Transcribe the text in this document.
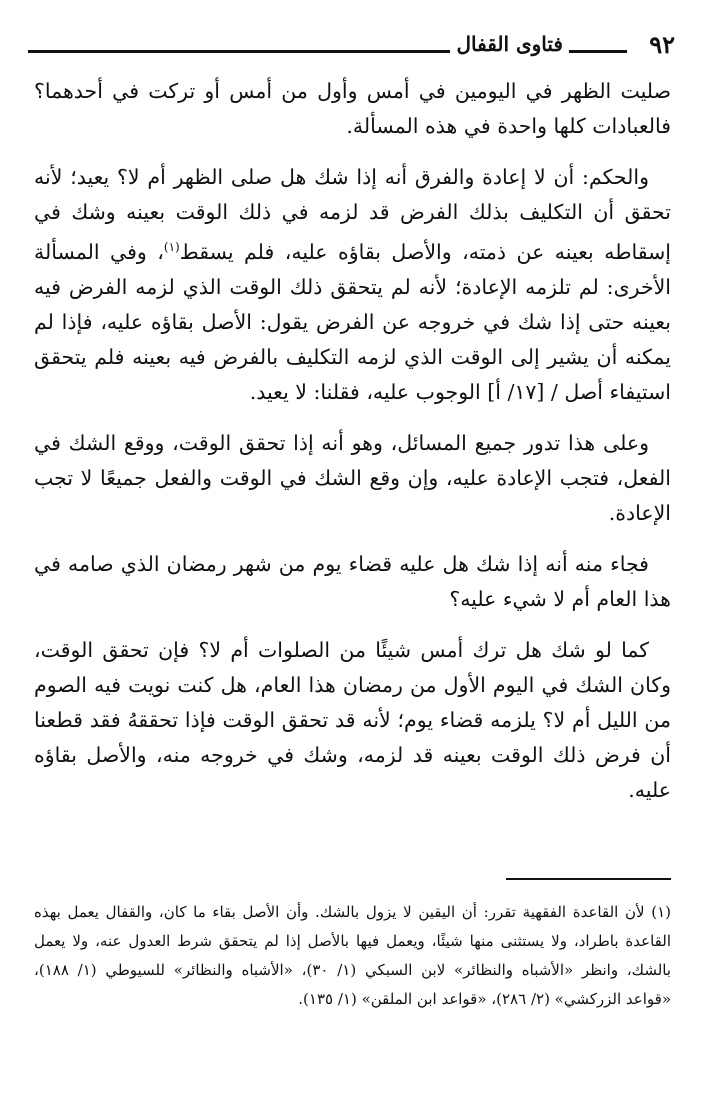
٩٢
فتاوى القفال

صليت الظهر في اليومين في أمس وأول من أمس أو تركت في أحدهما؟ فالعبادات كلها واحدة في هذه المسألة.

والحكم: أن لا إعادة والفرق أنه إذا شك هل صلى الظهر أم لا؟ يعيد؛ لأنه تحقق أن التكليف بذلك الفرض قد لزمه في ذلك الوقت بعينه وشك في إسقاطه بعينه عن ذمته، والأصل بقاؤه عليه، فلم يسقط$^{(١)}$، وفي المسألة الأخرى: لم تلزمه الإعادة؛ لأنه لم يتحقق ذلك الوقت الذي لزمه الفرض فيه بعينه حتى إذا شك في خروجه عن الفرض يقول: الأصل بقاؤه عليه، فإذا لم يمكنه أن يشير إلى الوقت الذي لزمه التكليف بالفرض فيه بعينه فلم يتحقق استيفاء أصل / [١٧/ أ] الوجوب عليه، فقلنا: لا يعيد.

وعلى هذا تدور جميع المسائل، وهو أنه إذا تحقق الوقت، ووقع الشك في الفعل، فتجب الإعادة عليه، وإن وقع الشك في الوقت والفعل جميعًا لا تجب الإعادة.

فجاء منه أنه إذا شك هل عليه قضاء يوم من شهر رمضان الذي صامه في هذا العام أم لا شيء عليه؟

كما لو شك هل ترك أمس شيئًا من الصلوات أم لا؟ فإن تحقق الوقت، وكان الشك في اليوم الأول من رمضان هذا العام، هل كنت نويت فيه الصوم من الليل أم لا؟ يلزمه قضاء يوم؛ لأنه قد تحقق الوقت فإذا تحققهُ فقد قطعنا أن فرض ذلك الوقت بعينه قد لزمه، وشك في خروجه منه، والأصل بقاؤه عليه.

(١) لأن القاعدة الفقهية تقرر: أن اليقين لا يزول بالشك. وأن الأصل بقاء ما كان، والقفال يعمل بهذه القاعدة باطراد، ولا يستثنى منها شيئًا، ويعمل فيها بالأصل إذا لم يتحقق شرط العدول عنه، ولا يعمل بالشك، وانظر «الأشباه والنظائر» لابن السبكي (١/ ٣٠)، «الأشباه والنظائر» للسيوطي (١/ ١٨٨)، «قواعد الزركشي» (٢/ ٢٨٦)، «قواعد ابن الملقن» (١/ ١٣٥).
